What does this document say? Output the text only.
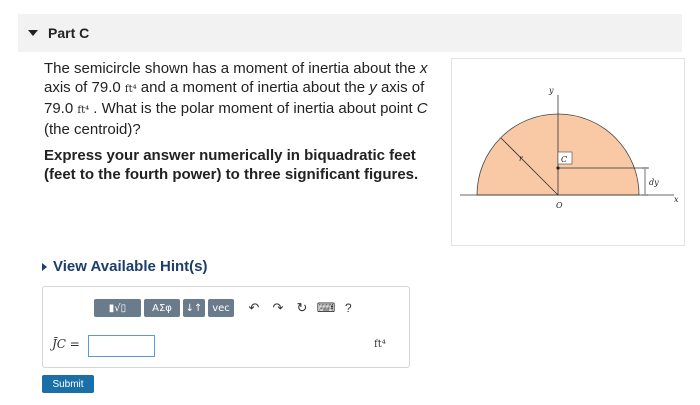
Part C
The semicircle shown has a moment of inertia about the x axis of 79.0 ft⁴ and a moment of inertia about the y axis of 79.0 ft⁴ . What is the polar moment of inertia about point C (the centroid)?
Express your answer numerically in biquadratic feet (feet to the fourth power) to three significant figures.
y
r	C
dy
x
O
View Available Hint(s)
▮√▯	ΑΣφ	↓↑ vec	↶ ↷ ↻ ⌨ ?
J̄C =	ft⁴
Submit
